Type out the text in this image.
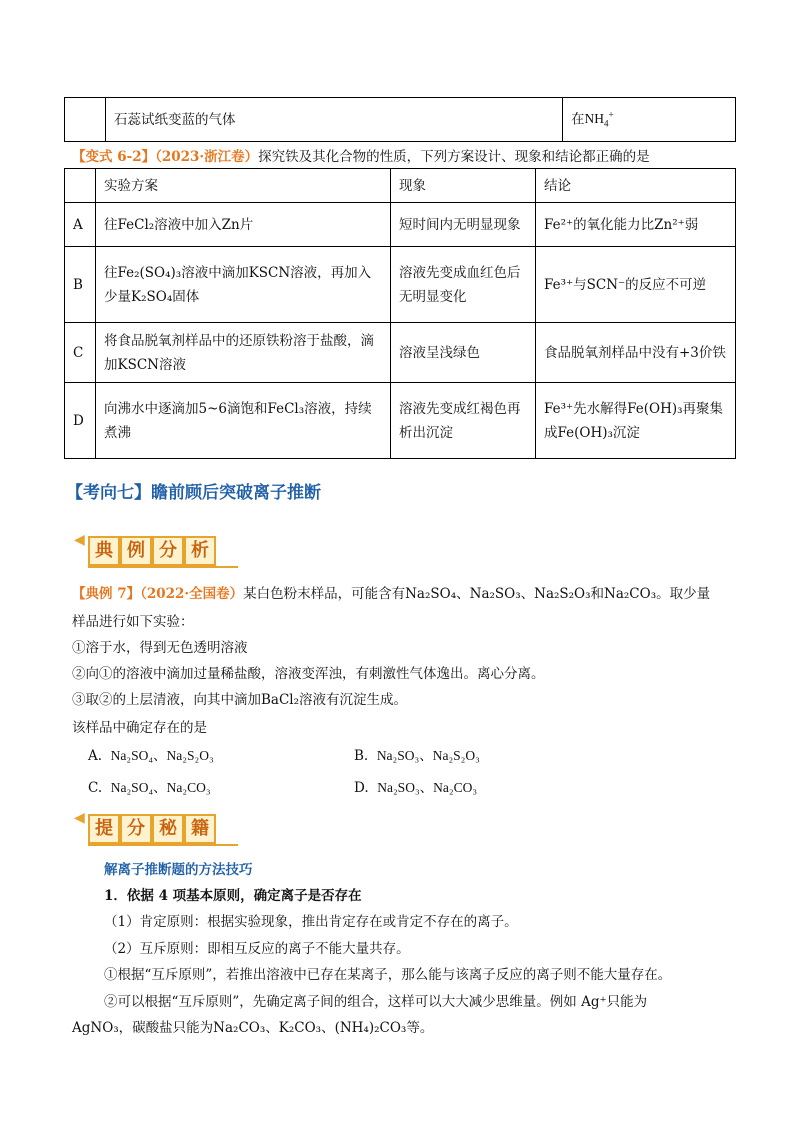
	石蕊试纸变蓝的气体	在$NH_4^+$
【变式 6-2】（2023·浙江卷）探究铁及其化合物的性质，下列方案设计、现象和结论都正确的是
	实验方案	现象	结论
A	往FeCl₂溶液中加入Zn片	短时间内无明显现象	Fe²⁺的氧化能力比Zn²⁺弱
B	往Fe₂(SO₄)₃溶液中滴加KSCN溶液，再加入少量K₂SO₄固体	溶液先变成血红色后无明显变化	Fe³⁺与SCN⁻的反应不可逆
C	将食品脱氧剂样品中的还原铁粉溶于盐酸，滴加KSCN溶液	溶液呈浅绿色	食品脱氧剂样品中没有+3价铁
D	向沸水中逐滴加5~6滴饱和FeCl₃溶液，持续煮沸	溶液先变成红褐色再析出沉淀	Fe³⁺先水解得Fe(OH)₃再聚集成Fe(OH)₃沉淀
【考向七】瞻前顾后突破离子推断
◀ 典 例 分 析
【典例 7】（2022·全国卷）某白色粉末样品，可能含有Na₂SO₄、Na₂SO₃、Na₂S₂O₃和Na₂CO₃。取少量
样品进行如下实验：
①溶于水，得到无色透明溶液
②向①的溶液中滴加过量稀盐酸，溶液变浑浊，有刺激性气体逸出。离心分离。
③取②的上层清液，向其中滴加BaCl₂溶液有沉淀生成。
该样品中确定存在的是
A. Na₂SO₄、Na₂S₂O₃	B. Na₂SO₃、Na₂S₂O₃
C. Na₂SO₄、Na₂CO₃	D. Na₂SO₃、Na₂CO₃
◀ 提 分 秘 籍
解离子推断题的方法技巧
1．依据 4 项基本原则，确定离子是否存在
（1）肯定原则：根据实验现象，推出肯定存在或肯定不存在的离子。
（2）互斥原则：即相互反应的离子不能大量共存。
①根据“互斥原则”，若推出溶液中已存在某离子，那么能与该离子反应的离子则不能大量存在。
②可以根据“互斥原则”，先确定离子间的组合，这样可以大大减少思维量。例如 Ag⁺只能为
AgNO₃，碳酸盐只能为Na₂CO₃、K₂CO₃、(NH₄)₂CO₃等。
